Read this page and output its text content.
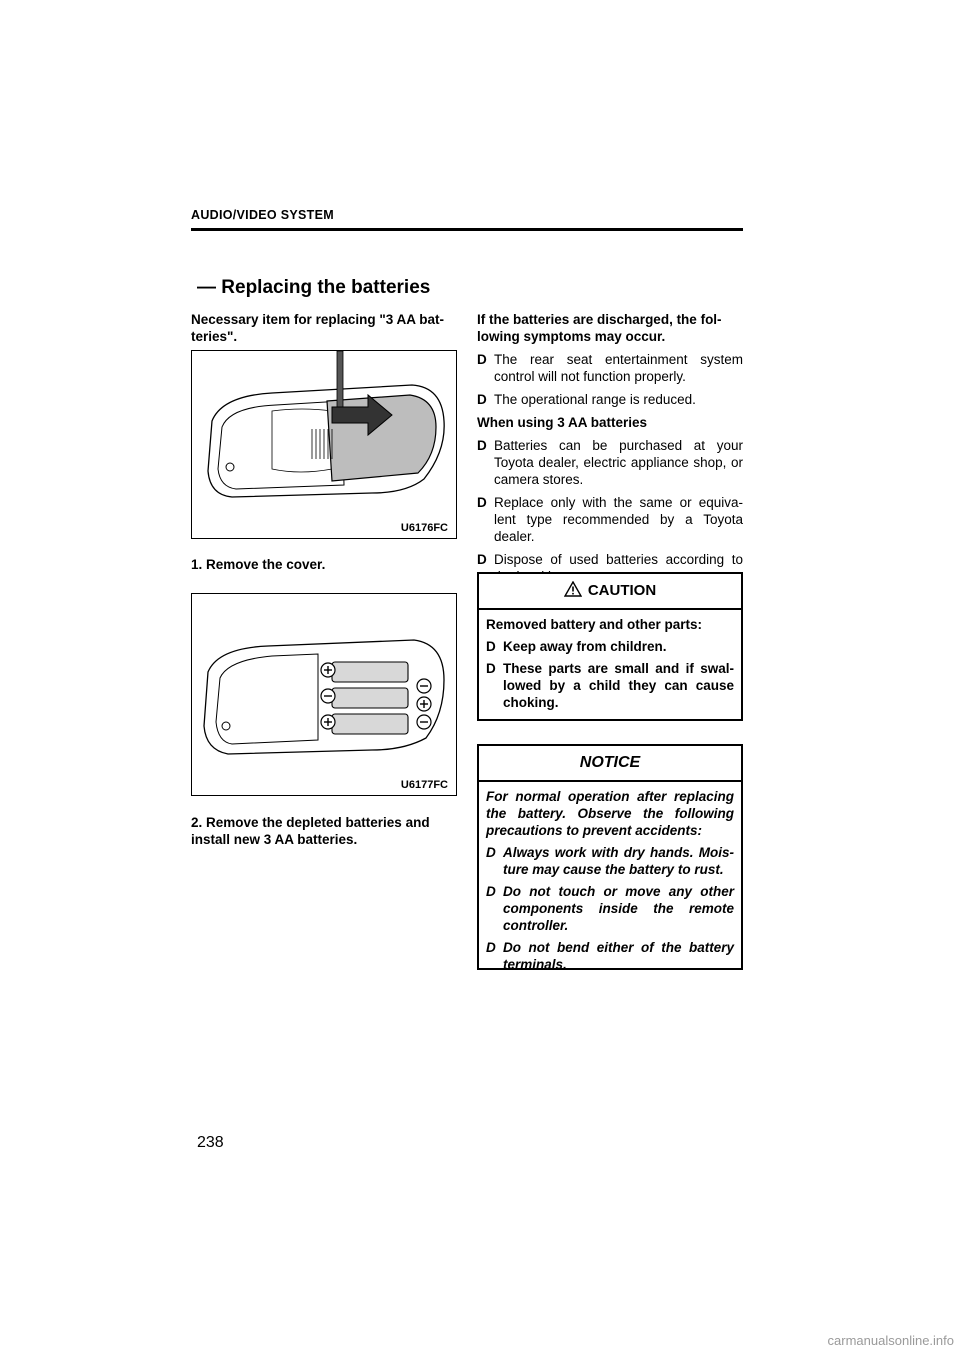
AUDIO/VIDEO SYSTEM
— Replacing the batteries
Necessary item for replacing "3 AA bat-teries".
U6176FC
1. Remove the cover.
U6177FC
2. Remove the depleted batteries and install new 3 AA batteries.
If the batteries are discharged, the fol-lowing symptoms may occur.
D The rear seat entertainment system control will not function properly.
D The operational range is reduced.
When using 3 AA batteries
D Batteries can be purchased at your Toyota dealer, electric appliance shop, or camera stores.
D Replace only with the same or equiva-lent type recommended by a Toyota dealer.
D Dispose of used batteries according to
CAUTION
Removed battery and other parts:
D Keep away from children.
D These parts are small and if swal-lowed by a child they can cause choking.
NOTICE
For normal operation after replacing the battery. Observe the following precautions to prevent accidents:
D Always work with dry hands. Mois-ture may cause the battery to rust.
D Do not touch or move any other components inside the remote controller.
D Do not bend either of the battery terminals.
238
carmanualsonline.info
